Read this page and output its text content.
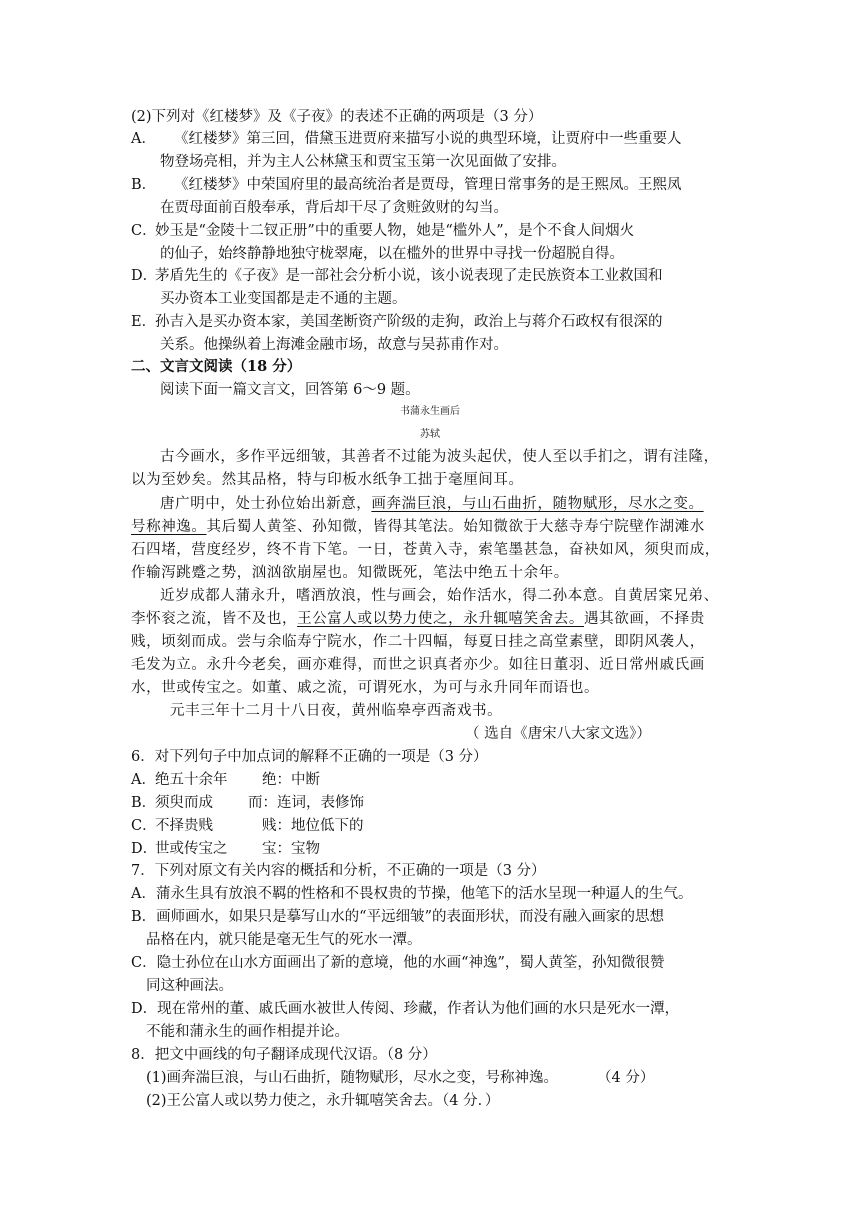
(2)下列对《红楼梦》及《子夜》的表述不正确的两项是（3 分）
A． 《红楼梦》第三回，借黛玉进贾府来描写小说的典型环境，让贾府中一些重要人
物登场亮相，并为主人公林黛玉和贾宝玉第一次见面做了安排。
B． 《红楼梦》中荣国府里的最高统治者是贾母，管理日常事务的是王熙凤。王熙凤
在贾母面前百般奉承，背后却干尽了贪赃敛财的勾当。
C．
妙玉是“金陵十二钗正册”中的重要人物，她是“槛外人”，是个不食人间烟火
的仙子，始终静静地独守栊翠庵，以在槛外的世界中寻找一份超脱自得。
D．
茅盾先生的《子夜》是一部社会分析小说，该小说表现了走民族资本工业救国和
买办资本工业变国都是走不通的主题。
E．
孙吉入是买办资本家，美国垄断资产阶级的走狗，政治上与蒋介石政权有很深的
关系。他操纵着上海滩金融市场，故意与吴荪甫作对。
二、文言文阅读（18 分）
阅读下面一篇文言文，回答第 6～9 题。
书蒲永生画后
苏轼
古今画水，多作平远细皱，其善者不过能为波头起伏，使人至以手扪之，谓有洼隆，
以为至妙矣。然其品格，特与印板水纸争工拙于毫厘间耳。
唐广明中，处士孙位始出新意，画奔湍巨浪，与山石曲折，随物赋形，尽水之变。
号称神逸。其后蜀人黄筌、孙知微，皆得其笔法。始知微欲于大慈寺寿宁院壁作湖滩水
石四堵，营度经岁，终不肯下笔。一日，苍黄入寺，索笔墨甚急，奋袂如风，须臾而成，
作输泻跳蹙之势，汹汹欲崩屋也。知微既死，笔法中绝五十余年。
近岁成都人蒲永升，嗜酒放浪，性与画会，始作活水，得二孙本意。自黄居寀兄弟、
李怀衮之流，皆不及也，王公富人或以势力使之，永升辄嘻笑舍去。遇其欲画，不择贵
贱，顷刻而成。尝与余临寿宁院水，作二十四幅，每夏日挂之高堂素壁，即阴风袭人，
毛发为立。永升今老矣，画亦难得，而世之识真者亦少。如往日董羽、近日常州戚氏画
水，世或传宝之。如董、戚之流，可谓死水，为可与永升同年而语也。
元丰三年十二月十八日夜，黄州临皋亭西斋戏书。
（ 选自《唐宋八大家文选》）
6．对下列句子中加点词的解释不正确的一项是（3 分）
A． 绝五十余年 绝：中断
B．
须臾而成 而：连词，表修饰
C．
不择贵贱	贱：地位低下的
D．
世或传宝之 宝：宝物
7．下列对原文有关内容的概括和分析，不正确的一项是（3 分）
A．蒲永生具有放浪不羁的性格和不畏权贵的节操，他笔下的活水呈现一种逼人的生气。
B．画师画水，如果只是摹写山水的“平远细皱”的表面形状，而没有融入画家的思想
品格在内，就只能是毫无生气的死水一潭。
C．隐士孙位在山水方面画出了新的意境，他的水画“神逸”，蜀人黄筌，孙知微很赞
同这种画法。
D．现在常州的董、戚氏画水被世人传阅、珍藏，作者认为他们画的水只是死水一潭，
不能和蒲永生的画作相提并论。
8．把文中画线的句子翻译成现代汉语。（8 分）
(1)画奔湍巨浪，与山石曲折，随物赋形，尽水之变，号称神逸。	（4 分）
(2)王公富人或以势力使之，永升辄嘻笑舍去。（4 分．）
